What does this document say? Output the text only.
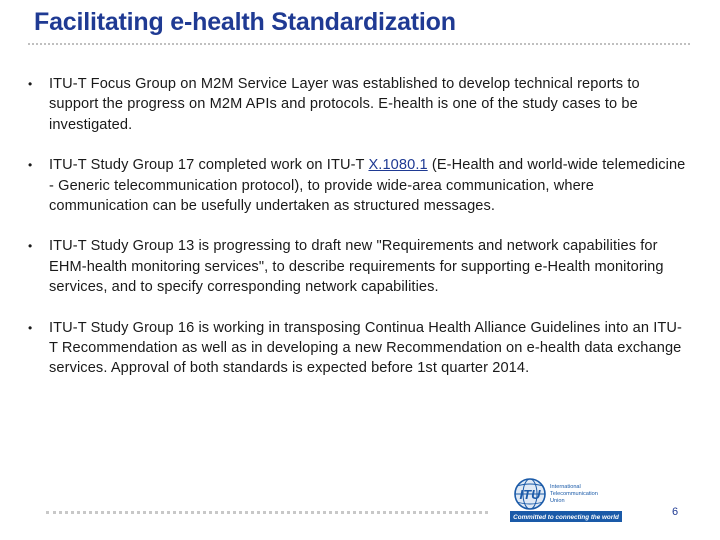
Facilitating e-health Standardization
•	ITU-T Focus Group on M2M Service Layer was established to develop technical reports to support the progress on M2M APIs and protocols. E-health is one of the study cases to be investigated.
•	ITU-T Study Group 17 completed work on ITU-T X.1080.1 (E-Health and world-wide telemedicine - Generic telecommunication protocol), to provide wide-area communication, where communication can be usefully undertaken as structured messages.
•	ITU-T Study Group 13 is progressing to draft new "Requirements and network capabilities for EHM-health monitoring services", to describe requirements for supporting e-Health monitoring services, and to specify corresponding network capabilities.
•	ITU-T Study Group 16 is working in transposing Continua Health Alliance Guidelines into an ITU-T Recommendation as well as in developing a new Recommendation on e-health data exchange services. Approval of both standards is expected before 1st quarter 2014.
ITU International
Telecommunication
Union
Committed to connecting the world	6
